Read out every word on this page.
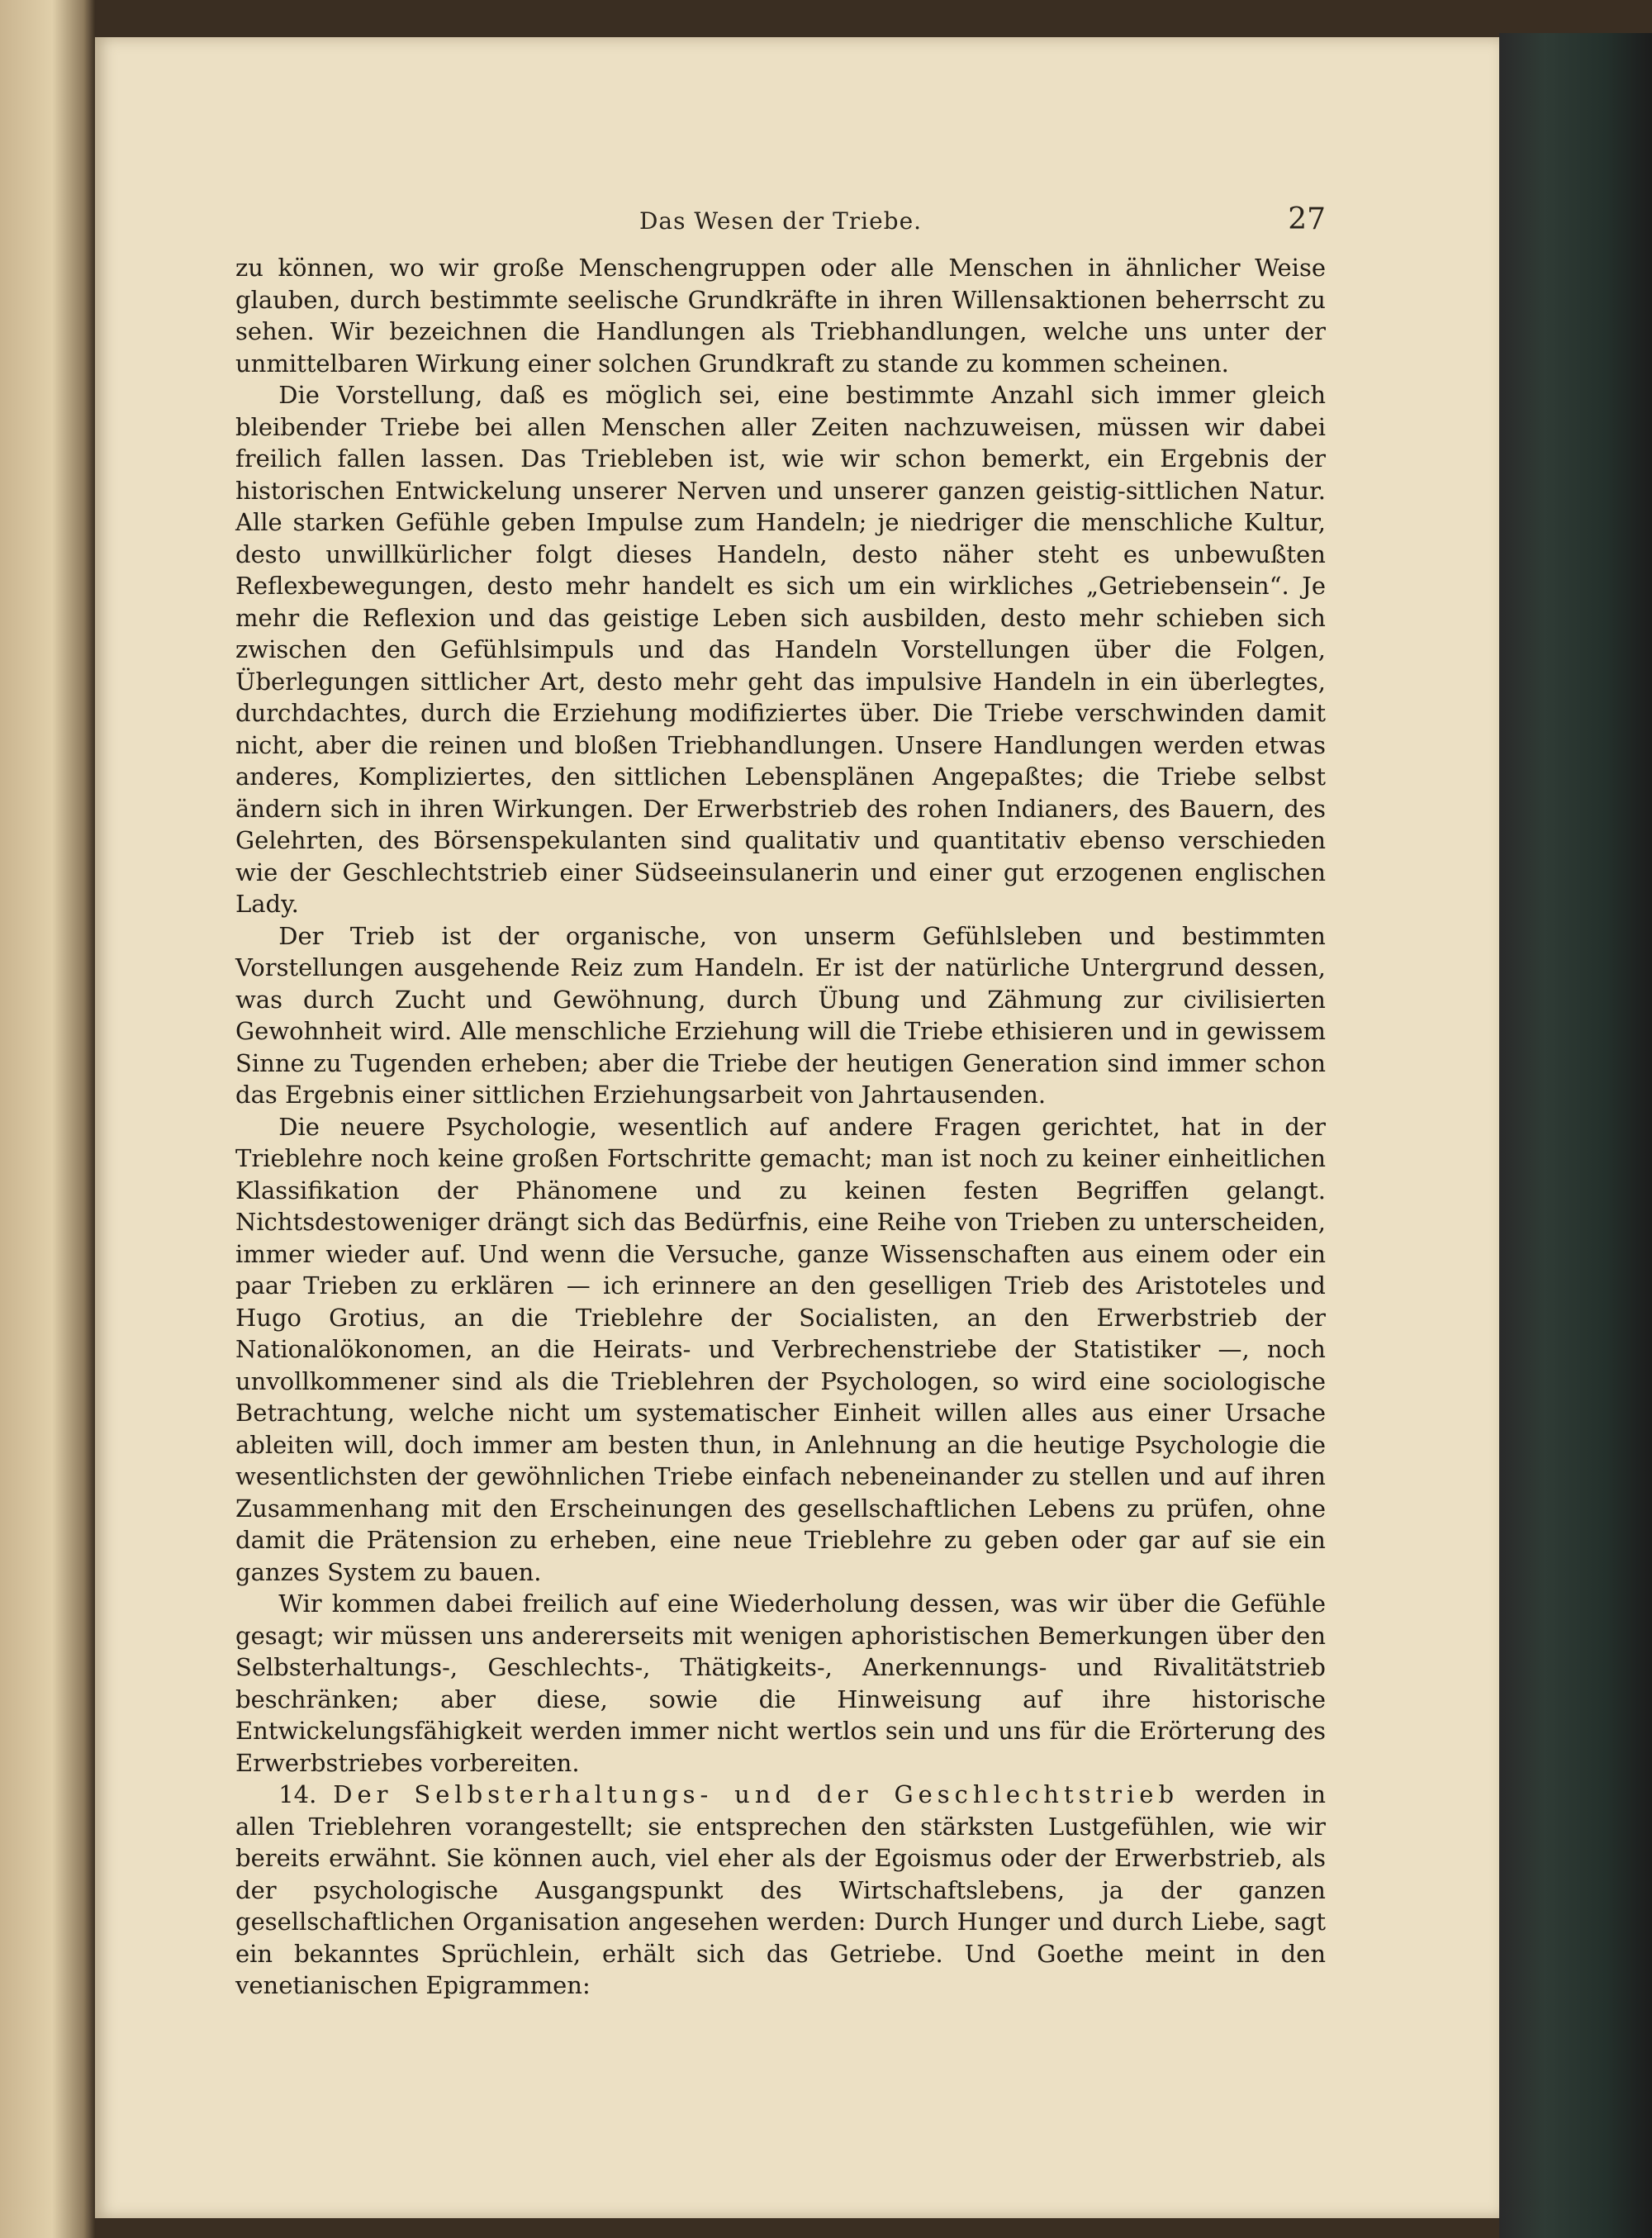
Das Wesen der Triebe.	27

zu können, wo wir große Menschengruppen oder alle Menschen in ähnlicher Weise glauben, durch bestimmte seelische Grundkräfte in ihren Willensaktionen beherrscht zu sehen. Wir bezeichnen die Handlungen als Triebhandlungen, welche uns unter der unmittelbaren Wirkung einer solchen Grundkraft zu stande zu kommen scheinen.

Die Vorstellung, daß es möglich sei, eine bestimmte Anzahl sich immer gleich bleibender Triebe bei allen Menschen aller Zeiten nachzuweisen, müssen wir dabei freilich fallen lassen. Das Triebleben ist, wie wir schon bemerkt, ein Ergebnis der historischen Entwickelung unserer Nerven und unserer ganzen geistig-sittlichen Natur. Alle starken Gefühle geben Impulse zum Handeln; je niedriger die menschliche Kultur, desto unwillkürlicher folgt dieses Handeln, desto näher steht es unbewußten Reflexbewegungen, desto mehr handelt es sich um ein wirkliches „Getriebensein“. Je mehr die Reflexion und das geistige Leben sich ausbilden, desto mehr schieben sich zwischen den Gefühlsimpuls und das Handeln Vorstellungen über die Folgen, Überlegungen sittlicher Art, desto mehr geht das impulsive Handeln in ein überlegtes, durchdachtes, durch die Erziehung modifiziertes über. Die Triebe verschwinden damit nicht, aber die reinen und bloßen Triebhandlungen. Unsere Handlungen werden etwas anderes, Kompliziertes, den sittlichen Lebensplänen Angepaßtes; die Triebe selbst ändern sich in ihren Wirkungen. Der Erwerbstrieb des rohen Indianers, des Bauern, des Gelehrten, des Börsenspekulanten sind qualitativ und quantitativ ebenso verschieden wie der Geschlechtstrieb einer Südseeinsulanerin und einer gut erzogenen englischen Lady.

Der Trieb ist der organische, von unserm Gefühlsleben und bestimmten Vorstellungen ausgehende Reiz zum Handeln. Er ist der natürliche Untergrund dessen, was durch Zucht und Gewöhnung, durch Übung und Zähmung zur civilisierten Gewohnheit wird. Alle menschliche Erziehung will die Triebe ethisieren und in gewissem Sinne zu Tugenden erheben; aber die Triebe der heutigen Generation sind immer schon das Ergebnis einer sittlichen Erziehungsarbeit von Jahrtausenden.

Die neuere Psychologie, wesentlich auf andere Fragen gerichtet, hat in der Trieblehre noch keine großen Fortschritte gemacht; man ist noch zu keiner einheitlichen Klassifikation der Phänomene und zu keinen festen Begriffen gelangt. Nichtsdestoweniger drängt sich das Bedürfnis, eine Reihe von Trieben zu unterscheiden, immer wieder auf. Und wenn die Versuche, ganze Wissenschaften aus einem oder ein paar Trieben zu erklären — ich erinnere an den geselligen Trieb des Aristoteles und Hugo Grotius, an die Trieblehre der Socialisten, an den Erwerbstrieb der Nationalökonomen, an die Heirats- und Verbrechenstriebe der Statistiker —, noch unvollkommener sind als die Trieblehren der Psychologen, so wird eine sociologische Betrachtung, welche nicht um systematischer Einheit willen alles aus einer Ursache ableiten will, doch immer am besten thun, in Anlehnung an die heutige Psychologie die wesentlichsten der gewöhnlichen Triebe einfach nebeneinander zu stellen und auf ihren Zusammenhang mit den Erscheinungen des gesellschaftlichen Lebens zu prüfen, ohne damit die Prätension zu erheben, eine neue Trieblehre zu geben oder gar auf sie ein ganzes System zu bauen.

Wir kommen dabei freilich auf eine Wiederholung dessen, was wir über die Gefühle gesagt; wir müssen uns andererseits mit wenigen aphoristischen Bemerkungen über den Selbsterhaltungs-, Geschlechts-, Thätigkeits-, Anerkennungs- und Rivalitätstrieb beschränken; aber diese, sowie die Hinweisung auf ihre historische Entwickelungsfähigkeit werden immer nicht wertlos sein und uns für die Erörterung des Erwerbstriebes vorbereiten.

14. Der Selbsterhaltungs- und der Geschlechtstrieb werden in allen Trieblehren vorangestellt; sie entsprechen den stärksten Lustgefühlen, wie wir bereits erwähnt. Sie können auch, viel eher als der Egoismus oder der Erwerbstrieb, als der psychologische Ausgangspunkt des Wirtschaftslebens, ja der ganzen gesellschaftlichen Organisation angesehen werden: Durch Hunger und durch Liebe, sagt ein bekanntes Sprüchlein, erhält sich das Getriebe. Und Goethe meint in den venetianischen Epigrammen:
